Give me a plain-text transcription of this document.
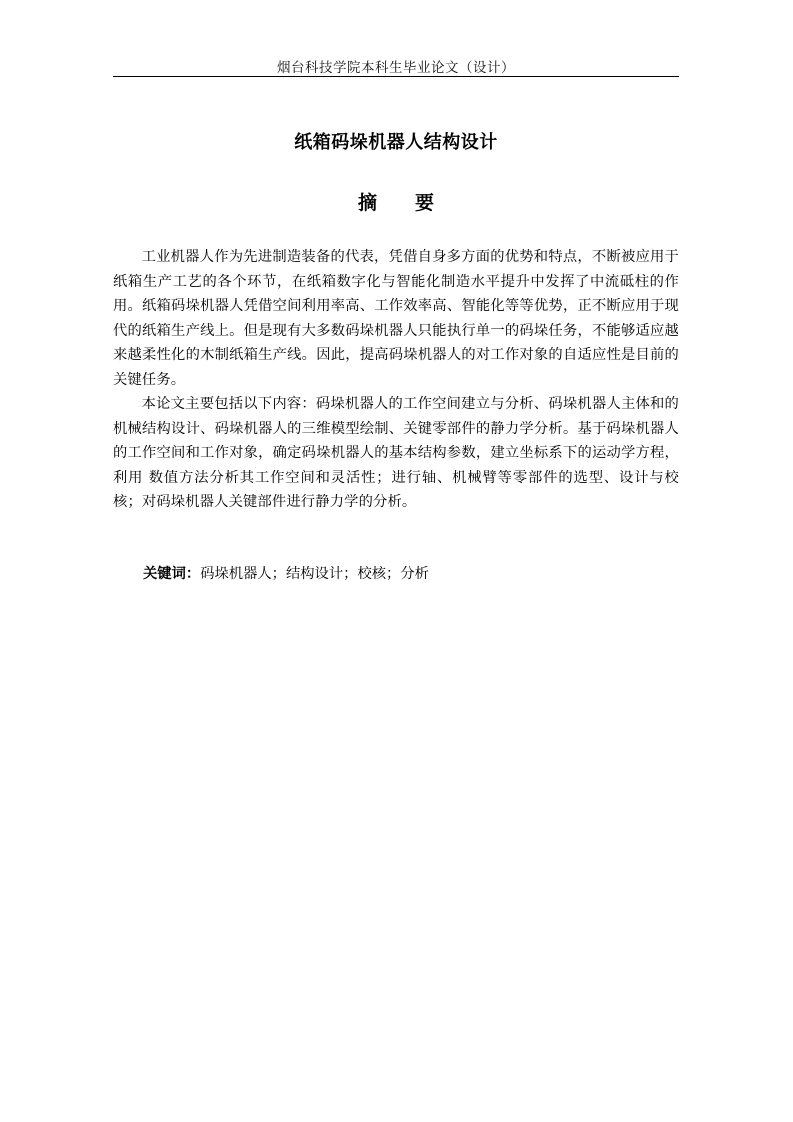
烟台科技学院本科生毕业论文（设计）
纸箱码垛机器人结构设计
摘要

工业机器人作为先进制造装备的代表，凭借自身多方面的优势和特点，不断被应用于纸箱生产工艺的各个环节，在纸箱数字化与智能化制造水平提升中发挥了中流砥柱的作用。纸箱码垛机器人凭借空间利用率高、工作效率高、智能化等等优势，正不断应用于现代的纸箱生产线上。但是现有大多数码垛机器人只能执行单一的码垛任务，不能够适应越来越柔性化的木制纸箱生产线。因此，提高码垛机器人的对工作对象的自适应性是目前的关键任务。

本论文主要包括以下内容：码垛机器人的工作空间建立与分析、码垛机器人主体和的机械结构设计、码垛机器人的三维模型绘制、关键零部件的静力学分析。基于码垛机器人的工作空间和工作对象，确定码垛机器人的基本结构参数，建立坐标系下的运动学方程，利用 数值方法分析其工作空间和灵活性；进行轴、机械臂等零部件的选型、设计与校核；对码垛机器人关键部件进行静力学的分析。

关键词：码垛机器人；结构设计；校核；分析
